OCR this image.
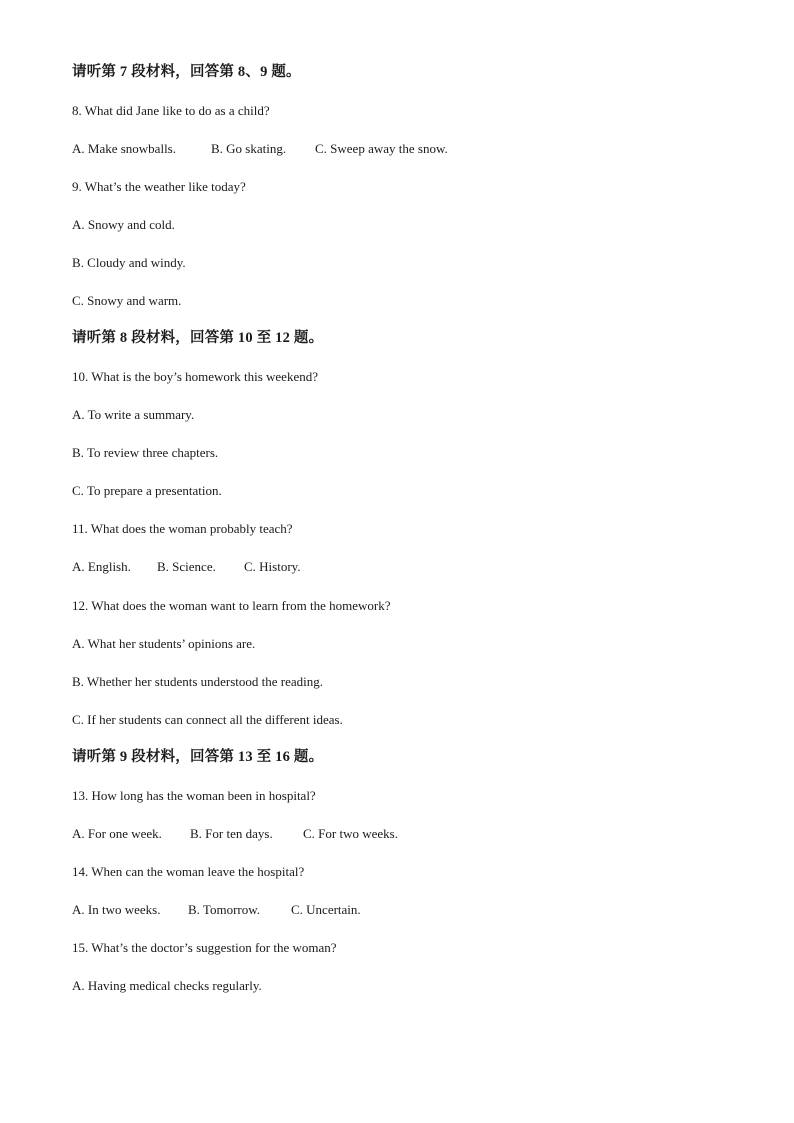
请听第 7 段材料，回答第 8、9 题。
8. What did Jane like to do as a child?

A. Make snowballs.

	B. Go skating.

C. Sweep away the snow.

9. What’s the weather like today?
A. Snowy and cold.
B. Cloudy and windy.
C. Snowy and warm.
请听第 8 段材料，回答第 10 至 12 题。
10. What is the boy’s homework this weekend?
A. To write a summary.
B. To review three chapters.
C. To prepare a presentation.
11. What does the woman probably teach?

A. English.

B. Science.

C. History.

12. What does the woman want to learn from the homework?
A. What her students’ opinions are.
B. Whether her students understood the reading.
C. If her students can connect all the different ideas.
请听第 9 段材料，回答第 13 至 16 题。
13. How long has the woman been in hospital?

A. For one week.

B. For ten days.

C. For two weeks.

14. When can the woman leave the hospital?

A. In two weeks.

B. Tomorrow.

C. Uncertain.

15. What’s the doctor’s suggestion for the woman?
A. Having medical checks regularly.
